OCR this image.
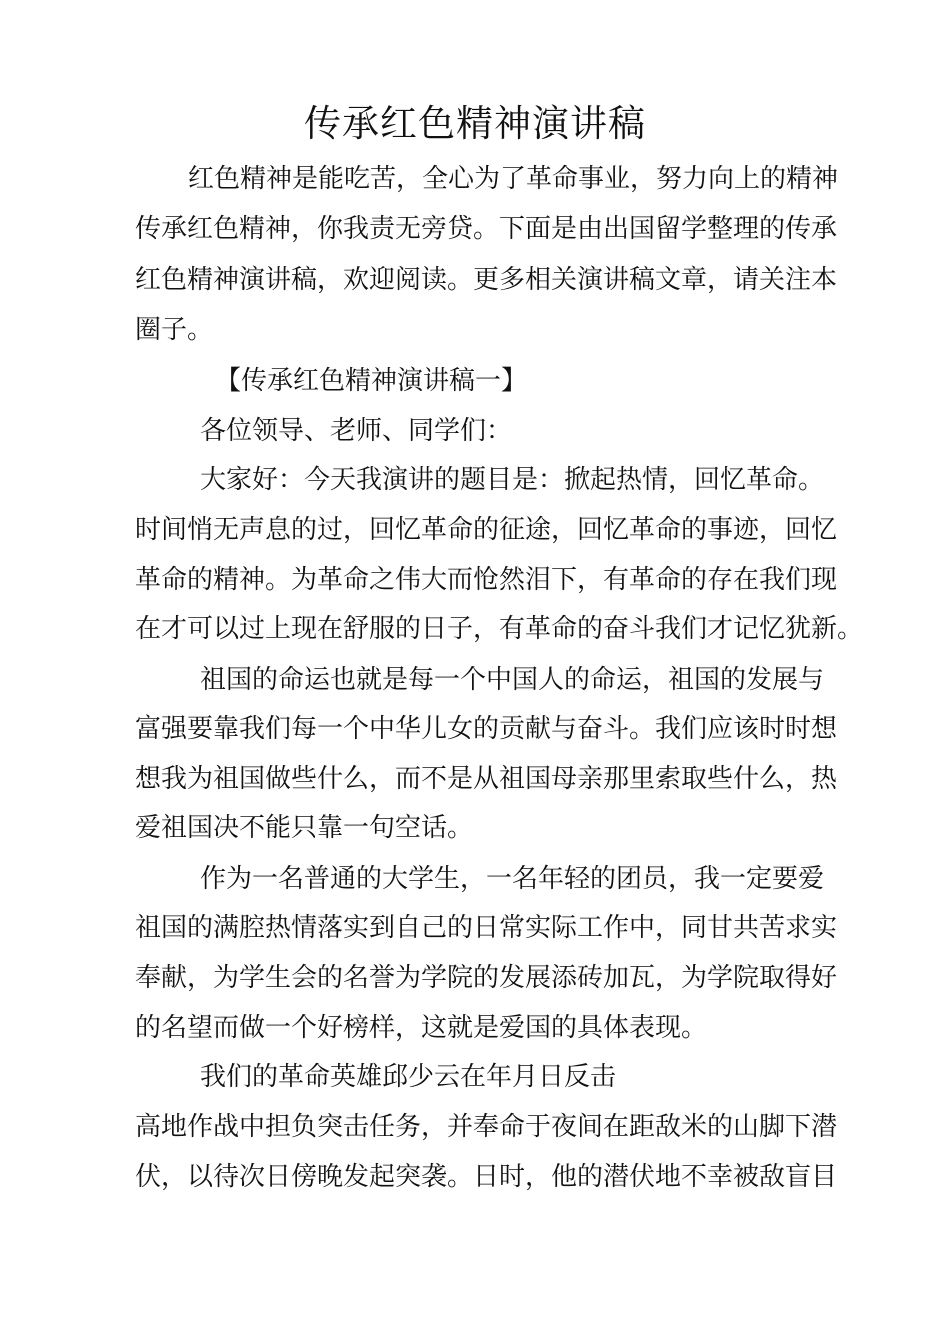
传承红色精神演讲稿

红色精神是能吃苦，全心为了革命事业，努力向上的精神

传承红色精神，你我责无旁贷。下面是由出国留学整理的传承

红色精神演讲稿，欢迎阅读。更多相关演讲稿文章，请关注本

圈子。

【传承红色精神演讲稿一】

各位领导、老师、同学们：

大家好：今天我演讲的题目是：掀起热情，回忆革命。

时间悄无声息的过，回忆革命的征途，回忆革命的事迹，回忆

革命的精神。为革命之伟大而怆然泪下，有革命的存在我们现

在才可以过上现在舒服的日子，有革命的奋斗我们才记忆犹新。

祖国的命运也就是每一个中国人的命运，祖国的发展与

富强要靠我们每一个中华儿女的贡献与奋斗。我们应该时时想

想我为祖国做些什么，而不是从祖国母亲那里索取些什么，热

爱祖国决不能只靠一句空话。

作为一名普通的大学生，一名年轻的团员，我一定要爱

祖国的满腔热情落实到自己的日常实际工作中，同甘共苦求实

奉献，为学生会的名誉为学院的发展添砖加瓦，为学院取得好

的名望而做一个好榜样，这就是爱国的具体表现。

我们的革命英雄邱少云在年月日反击

高地作战中担负突击任务，并奉命于夜间在距敌米的山脚下潜

伏，以待次日傍晚发起突袭。日时，他的潜伏地不幸被敌盲目
